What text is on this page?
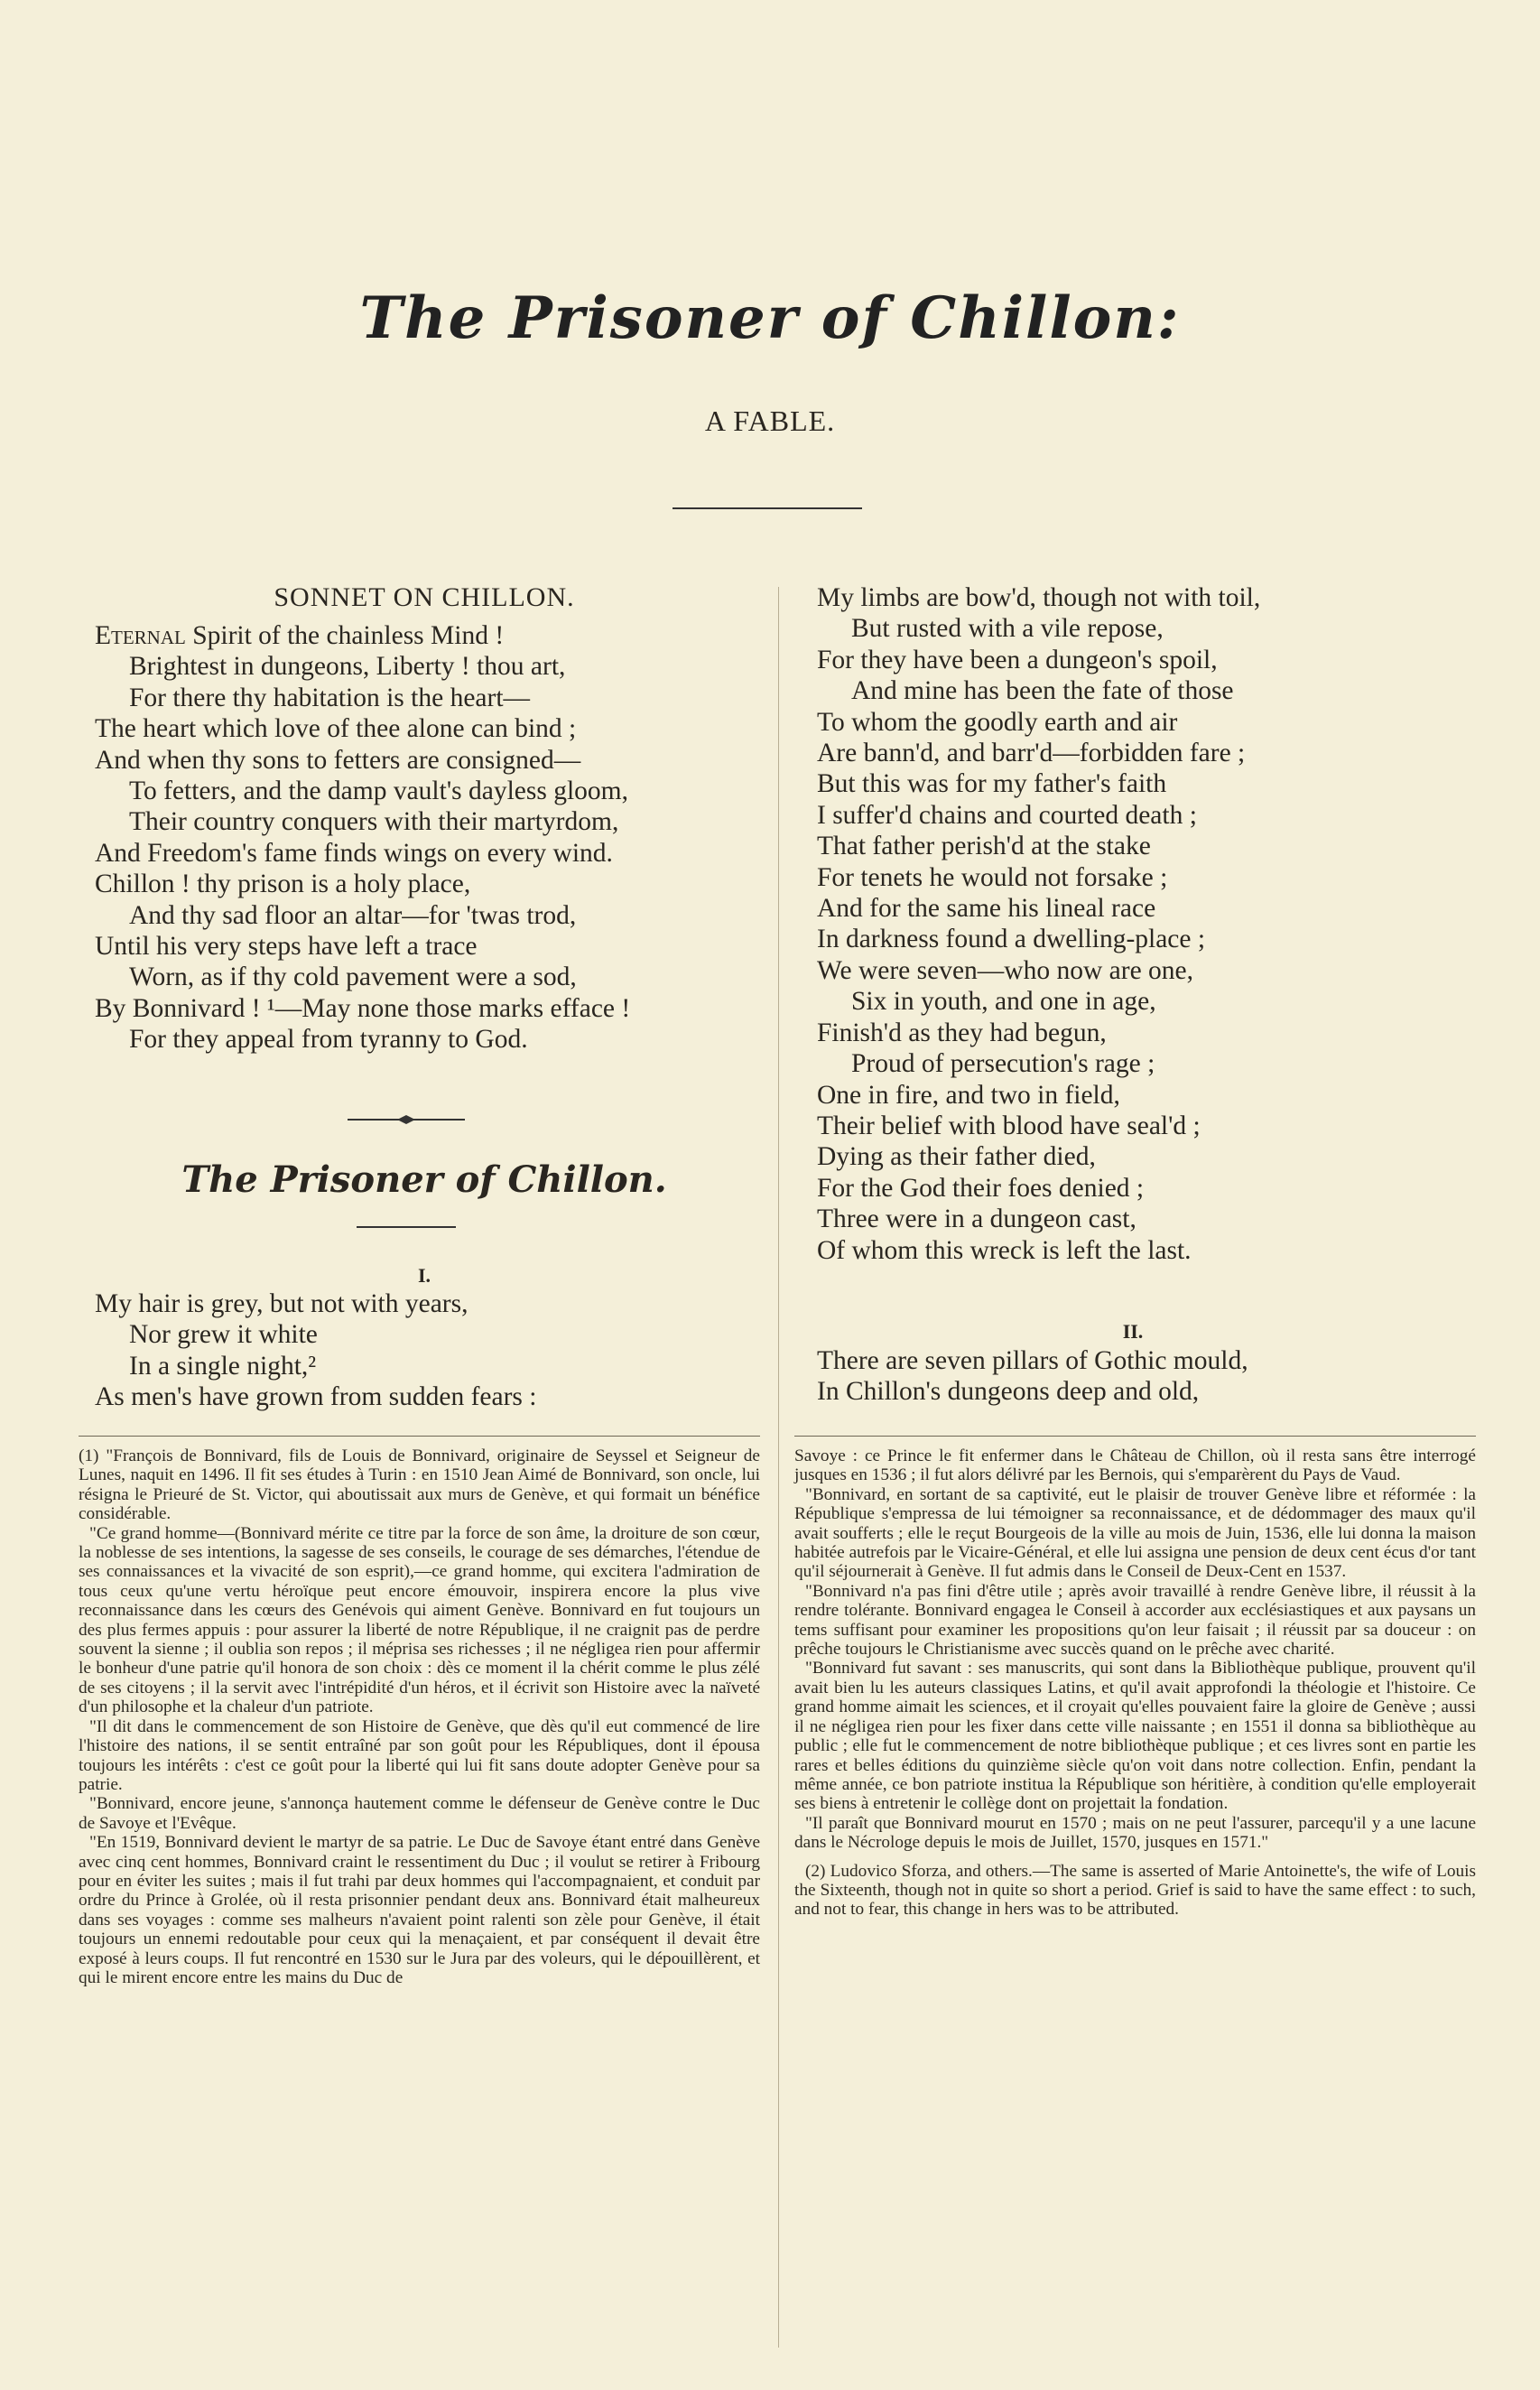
The Prisoner of Chillon:
A FABLE.
SONNET ON CHILLON.
Eternal Spirit of the chainless Mind !
Brightest in dungeons, Liberty ! thou art,
For there thy habitation is the heart—
The heart which love of thee alone can bind ;
And when thy sons to fetters are consigned—
To fetters, and the damp vault's dayless gloom,
Their country conquers with their martyrdom,
And Freedom's fame finds wings on every wind.
Chillon ! thy prison is a holy place,
And thy sad floor an altar—for 'twas trod,
Until his very steps have left a trace
Worn, as if thy cold pavement were a sod,
By Bonnivard ! ¹—May none those marks efface !
For they appeal from tyranny to God.
The Prisoner of Chillon.
I.
My hair is grey, but not with years,
Nor grew it white
In a single night,²
As men's have grown from sudden fears :
My limbs are bow'd, though not with toil,
But rusted with a vile repose,
For they have been a dungeon's spoil,
And mine has been the fate of those
To whom the goodly earth and air
Are bann'd, and barr'd—forbidden fare ;
But this was for my father's faith
I suffer'd chains and courted death ;
That father perish'd at the stake
For tenets he would not forsake ;
And for the same his lineal race
In darkness found a dwelling-place ;
We were seven—who now are one,
Six in youth, and one in age,
Finish'd as they had begun,
Proud of persecution's rage ;
One in fire, and two in field,
Their belief with blood have seal'd ;
Dying as their father died,
For the God their foes denied ;
Three were in a dungeon cast,
Of whom this wreck is left the last.
II.
There are seven pillars of Gothic mould,
In Chillon's dungeons deep and old,

(1) "François de Bonnivard, fils de Louis de Bonnivard, originaire de Seyssel et Seigneur de Lunes, naquit en 1496. Il fit ses études à Turin : en 1510 Jean Aimé de Bonnivard, son oncle, lui résigna le Prieuré de St. Victor, qui aboutissait aux murs de Genève, et qui formait un bénéfice considérable.

"Ce grand homme—(Bonnivard mérite ce titre par la force de son âme, la droiture de son cœur, la noblesse de ses intentions, la sagesse de ses conseils, le courage de ses démarches, l'étendue de ses connaissances et la vivacité de son esprit),—ce grand homme, qui excitera l'admiration de tous ceux qu'une vertu héroïque peut encore émouvoir, inspirera encore la plus vive reconnaissance dans les cœurs des Genévois qui aiment Genève. Bonnivard en fut toujours un des plus fermes appuis : pour assurer la liberté de notre République, il ne craignit pas de perdre souvent la sienne ; il oublia son repos ; il méprisa ses richesses ; il ne négligea rien pour affermir le bonheur d'une patrie qu'il honora de son choix : dès ce moment il la chérit comme le plus zélé de ses citoyens ; il la servit avec l'intrépidité d'un héros, et il écrivit son Histoire avec la naïveté d'un philosophe et la chaleur d'un patriote.

"Il dit dans le commencement de son Histoire de Genève, que dès qu'il eut commencé de lire l'histoire des nations, il se sentit entraîné par son goût pour les Républiques, dont il épousa toujours les intérêts : c'est ce goût pour la liberté qui lui fit sans doute adopter Genève pour sa patrie.

"Bonnivard, encore jeune, s'annonça hautement comme le défenseur de Genève contre le Duc de Savoye et l'Evêque.

"En 1519, Bonnivard devient le martyr de sa patrie. Le Duc de Savoye étant entré dans Genève avec cinq cent hommes, Bonnivard craint le ressentiment du Duc ; il voulut se retirer à Fribourg pour en éviter les suites ; mais il fut trahi par deux hommes qui l'accompagnaient, et conduit par ordre du Prince à Grolée, où il resta prisonnier pendant deux ans. Bonnivard était malheureux dans ses voyages : comme ses malheurs n'avaient point ralenti son zèle pour Genève, il était toujours un ennemi redoutable pour ceux qui la menaçaient, et par conséquent il devait être exposé à leurs coups. Il fut rencontré en 1530 sur le Jura par des voleurs, qui le dépouillèrent, et qui le mirent encore entre les mains du Duc de

Savoye : ce Prince le fit enfermer dans le Château de Chillon, où il resta sans être interrogé jusques en 1536 ; il fut alors délivré par les Bernois, qui s'emparèrent du Pays de Vaud.

"Bonnivard, en sortant de sa captivité, eut le plaisir de trouver Genève libre et réformée : la République s'empressa de lui témoigner sa reconnaissance, et de dédommager des maux qu'il avait soufferts ; elle le reçut Bourgeois de la ville au mois de Juin, 1536, elle lui donna la maison habitée autrefois par le Vicaire-Général, et elle lui assigna une pension de deux cent écus d'or tant qu'il séjournerait à Genève. Il fut admis dans le Conseil de Deux-Cent en 1537.

"Bonnivard n'a pas fini d'être utile ; après avoir travaillé à rendre Genève libre, il réussit à la rendre tolérante. Bonnivard engagea le Conseil à accorder aux ecclésiastiques et aux paysans un tems suffisant pour examiner les propositions qu'on leur faisait ; il réussit par sa douceur : on prêche toujours le Christianisme avec succès quand on le prêche avec charité.

"Bonnivard fut savant : ses manuscrits, qui sont dans la Bibliothèque publique, prouvent qu'il avait bien lu les auteurs classiques Latins, et qu'il avait approfondi la théologie et l'histoire. Ce grand homme aimait les sciences, et il croyait qu'elles pouvaient faire la gloire de Genève ; aussi il ne négligea rien pour les fixer dans cette ville naissante ; en 1551 il donna sa bibliothèque au public ; elle fut le commencement de notre bibliothèque publique ; et ces livres sont en partie les rares et belles éditions du quinzième siècle qu'on voit dans notre collection. Enfin, pendant la même année, ce bon patriote institua la République son héritière, à condition qu'elle employerait ses biens à entretenir le collège dont on projettait la fondation.

"Il paraît que Bonnivard mourut en 1570 ; mais on ne peut l'assurer, parcequ'il y a une lacune dans le Nécrologe depuis le mois de Juillet, 1570, jusques en 1571."

(2) Ludovico Sforza, and others.—The same is asserted of Marie Antoinette's, the wife of Louis the Sixteenth, though not in quite so short a period. Grief is said to have the same effect : to such, and not to fear, this change in hers was to be attributed.
